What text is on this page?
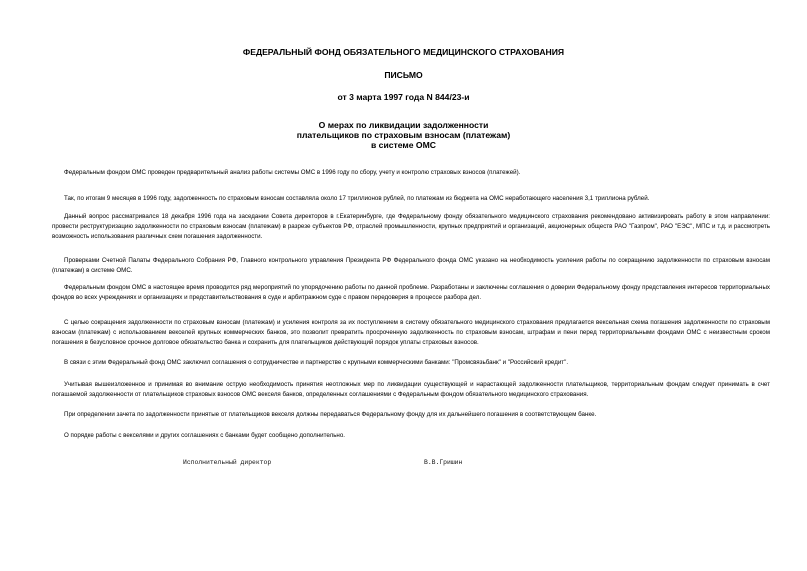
ФЕДЕРАЛЬНЫЙ ФОНД ОБЯЗАТЕЛЬНОГО МЕДИЦИНСКОГО СТРАХОВАНИЯ
ПИСЬМО
от 3 марта 1997 года N 844/23-и
О мерах по ликвидации задолженности
плательщиков по страховым взносам (платежам)
в системе ОМС

Федеральным фондом ОМС проведен предварительный анализ работы системы ОМС в 1996 году по сбору, учету и контролю страховых взносов (платежей).

Так, по итогам 9 месяцев в 1996 году, задолженность по страховым взносам составляла около 17 триллионов рублей, по платежам из бюджета на ОМС неработающего населения 3,1 триллиона рублей.

Данный вопрос рассматривался 18 декабря 1996 года на заседании Совета директоров в г.Екатеринбурге, где Федеральному фонду обязательного медицинского страхования рекомендовано активизировать работу в этом направлении: провести реструктуризацию задолженности по страховым взносам (платежам) в разрезе субъектов РФ, отраслей промышленности, крупных предприятий и организаций, акционерных обществ РАО "Газпром", РАО "ЕЭС", МПС и т.д. и рассмотреть возможность использования различных схем погашения задолженности.

Проверками Счетной Палаты Федерального Собрания РФ, Главного контрольного управления Президента РФ Федерального фонда ОМС указано на необходимость усиления работы по сокращению задолженности по страховым взносам (платежам) в системе ОМС.

Федеральным фондом ОМС в настоящее время проводится ряд мероприятий по упорядочению работы по данной проблеме. Разработаны и заключены соглашения о доверии Федеральному фонду представления интересов территориальных фондов во всех учреждениях и организациях и представительствования в суде и арбитражном суде с правом передоверия в процессе разбора дел.

С целью сокращения задолженности по страховым взносам (платежам) и усиления контроля за их поступлением в систему обязательного медицинского страхования предлагается вексельная схема погашения задолженности по страховым взносам (платежам) с использованием векселей крупных коммерческих банков, это позволит превратить просроченную задолженность по страховым взносам, штрафам и пени перед территориальными фондами ОМС с неизвестным сроком погашения в безусловное срочное долговое обязательство банка и сохранить для плательщиков действующий порядок уплаты страховых взносов.

В связи с этим Федеральный фонд ОМС заключил соглашения о сотрудничестве и партнерстве с крупными коммерческими банками: "Промсвязьбанк" и "Российский кредит".

Учитывая вышеизложенное и принимая во внимание острую необходимость принятия неотложных мер по ликвидации существующей и нарастающей задолженности плательщиков, территориальным фондам следует принимать в счет погашаемой задолженности от плательщиков страховых взносов ОМС векселя банков, определенных соглашениями с Федеральным фондом обязательного медицинского страхования.

При определении зачета по задолженности принятые от плательщиков векселя должны передаваться Федеральному фонду для их дальнейшего погашения в соответствующем банке.

О порядке работы с векселями и других соглашениях с банками будет сообщено дополнительно.

Исполнительный директор	В.В.Гришин
